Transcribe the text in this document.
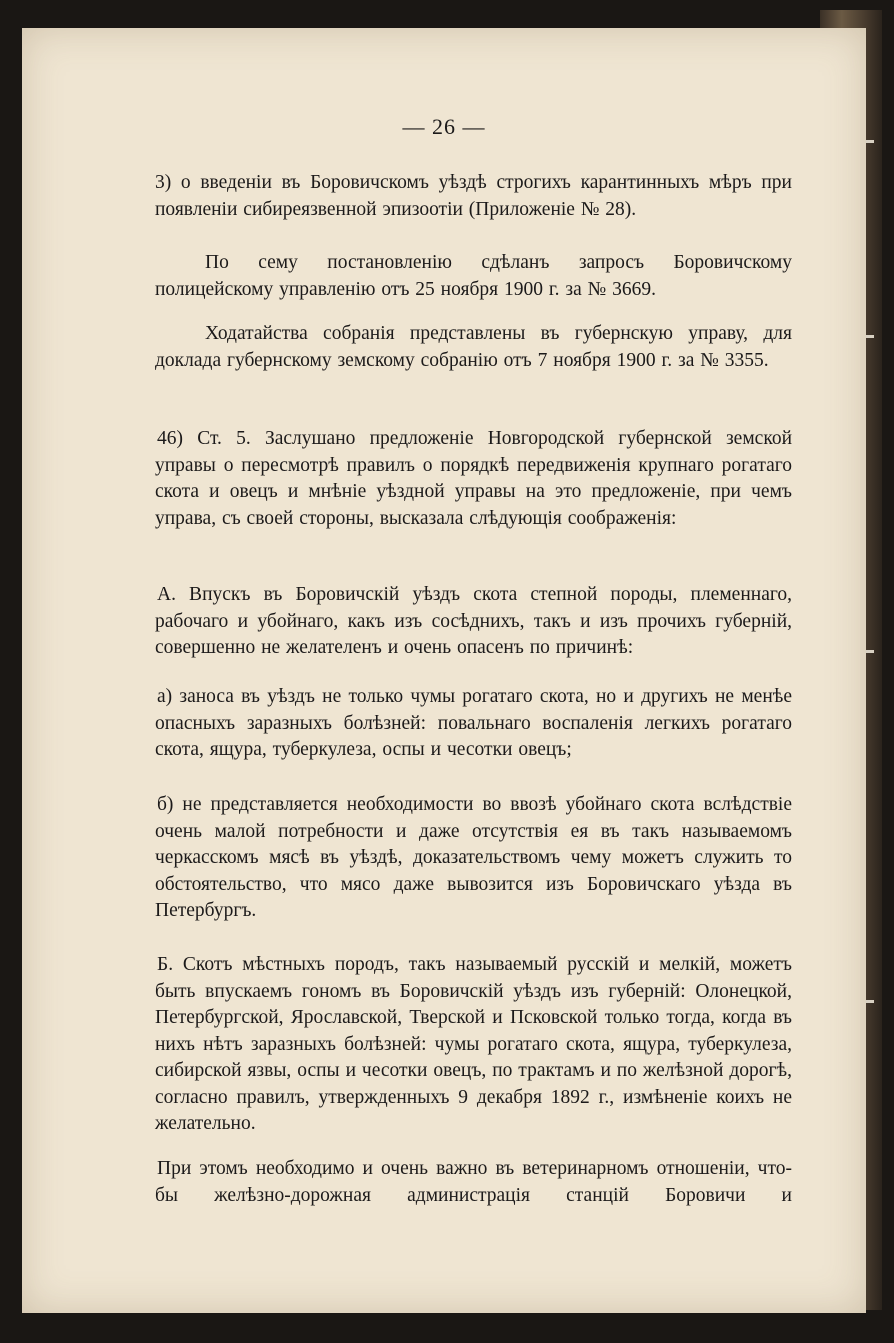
— 26 —
3) о введеніи въ Боровичскомъ уѣздѣ строгихъ карантинныхъ мѣръ при появленіи сибиреязвенной эпизоотіи (Приложеніе № 28).
По сему постановленію сдѣланъ запросъ Боровичскому полицейскому управленію отъ 25 ноября 1900 г. за № 3669.
Ходатайства собранія представлены въ губернскую управу, для доклада губернскому земскому собранію отъ 7 ноября 1900 г. за № 3355.
46) Ст. 5. Заслушано предложеніе Новгородской губернской земской управы о пересмотрѣ правилъ о порядкѣ передвиженія крупнаго рогатаго скота и овецъ и мнѣніе уѣздной управы на это предложеніе, при чемъ управа, съ своей стороны, высказала слѣдующія соображенія:
А. Впускъ въ Боровичскій уѣздъ скота степной породы, племеннаго, рабочаго и убойнаго, какъ изъ сосѣднихъ, такъ и изъ прочихъ губерній, совершенно не желателенъ и очень опасенъ по причинѣ:
а) заноса въ уѣздъ не только чумы рогатаго скота, но и другихъ не менѣе опасныхъ заразныхъ болѣзней: повальнаго воспаленія легкихъ рогатаго скота, ящура, туберкулеза, оспы и чесотки овецъ;
б) не представляется необходимости во ввозѣ убойнаго скота вслѣдствіе очень малой потребности и даже отсутствія ея въ такъ называемомъ черкасскомъ мясѣ въ уѣздѣ, доказательствомъ чему можетъ служить то обстоятельство, что мясо даже вывозится изъ Боровичскаго уѣзда въ Петербургъ.
Б. Скотъ мѣстныхъ породъ, такъ называемый русскій и мелкій, можетъ быть впускаемъ гономъ въ Боровичскій уѣздъ изъ губерній: Олонецкой, Петербургской, Ярославской, Тверской и Псковской только тогда, когда въ нихъ нѣтъ заразныхъ болѣзней: чумы рогатаго скота, ящура, туберкулеза, сибирской язвы, оспы и чесотки овецъ, по трактамъ и по желѣзной дорогѣ, согласно правилъ, утвержденныхъ 9 декабря 1892 г., измѣненіе коихъ не желательно.
При этомъ необходимо и очень важно въ ветеринарномъ отношеніи, что-бы желѣзно-дорожная администрація станцій Боровичи и
